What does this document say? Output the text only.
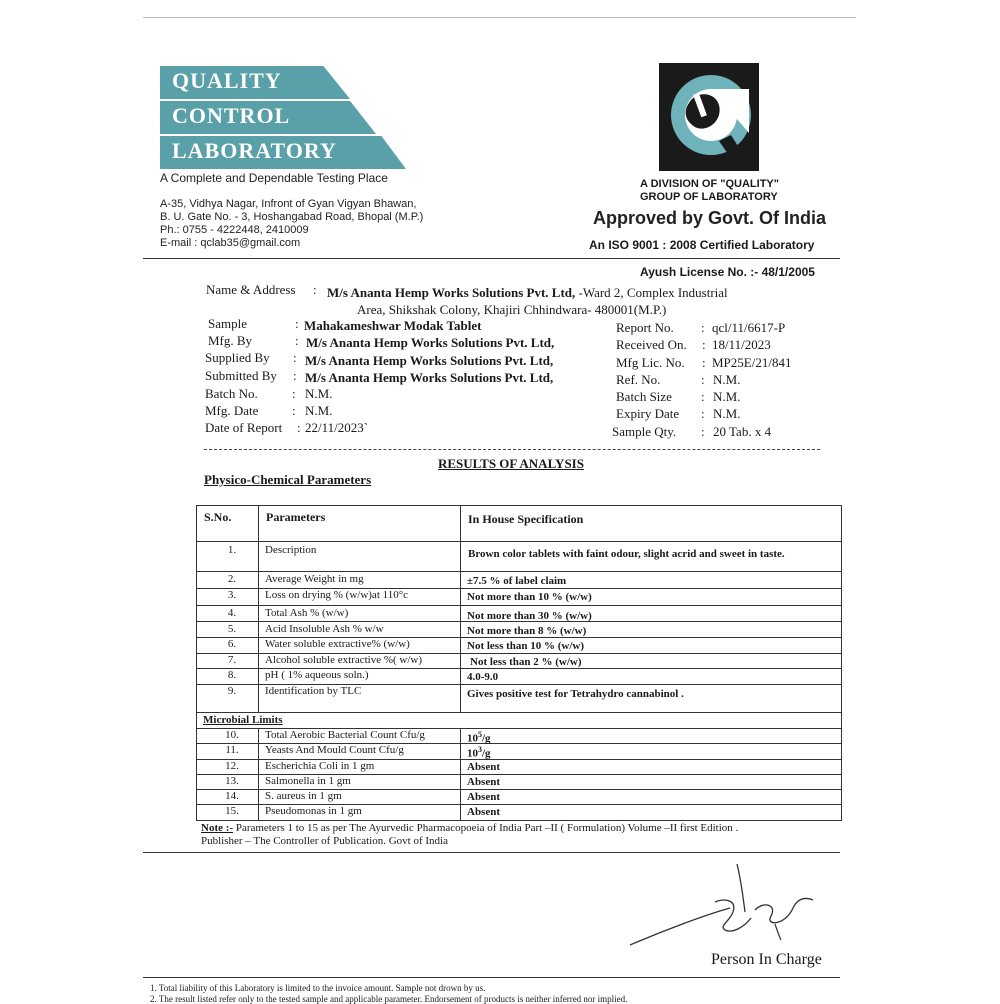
QUALITY
CONTROL
LABORATORY
A Complete and Dependable Testing Place
A-35, Vidhya Nagar, Infront of Gyan Vigyan Bhawan,
B. U. Gate No. - 3, Hoshangabad Road, Bhopal (M.P.)
Ph.: 0755 - 4222448, 2410009
E-mail : qclab35@gmail.com
A DIVISION OF "QUALITY"
GROUP OF LABORATORY
Approved by Govt. Of India
An ISO 9001 : 2008 Certified Laboratory
Ayush License No. :- 48/1/2005
Name & Address : M/s Ananta Hemp Works Solutions Pvt. Ltd, -Ward 2, Complex Industrial
Area, Shikshak Colony, Khajiri Chhindwara- 480001(M.P.)
Sample	: Mahakameshwar Modak Tablet
Mfg. By	: M/s Ananta Hemp Works Solutions Pvt. Ltd,
Supplied By : M/s Ananta Hemp Works Solutions Pvt. Ltd,
Submitted By : M/s Ananta Hemp Works Solutions Pvt. Ltd,
Batch No.	: N.M.
Mfg. Date	: N.M.
Date of Report : 22/11/2023`
Report No. : qcl/11/6617-P
Received On. : 18/11/2023
Mfg Lic. No. : MP25E/21/841
Ref. No.	: N.M.
Batch Size : N.M.
Expiry Date : N.M.
Sample Qty. : 20 Tab. x 4
RESULTS OF ANALYSIS
Physico-Chemical Parameters
S.No.	Parameters	In House Specification
1.	Description	Brown color tablets with faint odour, slight acrid and sweet in taste.
2.	Average Weight in mg	±7.5 % of label claim
3.	Loss on drying % (w/w)at 110°c	Not more than 10 % (w/w)
4.	Total Ash % (w/w)	Not more than 30 % (w/w)
5.	Acid Insoluble Ash % w/w	Not more than 8 % (w/w)
6.	Water soluble extractive% (w/w)	Not less than 10 % (w/w)
7.	Alcohol soluble extractive %( w/w)	Not less than 2 % (w/w)
8.	pH ( 1% aqueous soln.)	4.0-9.0
9.	Identification by TLC	Gives positive test for Tetrahydro cannabinol .
Microbial Limits
10.	Total Aerobic Bacterial Count Cfu/g	$10^5/g$
11.	Yeasts And Mould Count Cfu/g	$10^3/g$
12.	Escherichia Coli in 1 gm	Absent
13.	Salmonella in 1 gm	Absent
14.	S. aureus in 1 gm	Absent
15.	Pseudomonas in 1 gm	Absent
Note :- Parameters 1 to 15 as per The Ayurvedic Pharmacopoeia of India Part –II ( Formulation) Volume –II first Edition .
Publisher – The Controller of Publication. Govt of India
Person In Charge
1. Total liability of this Laboratory is limited to the invoice amount. Sample not drown by us.
2. The result listed refer only to the tested sample and applicable parameter. Endorsement of products is neither inferred nor implied.
